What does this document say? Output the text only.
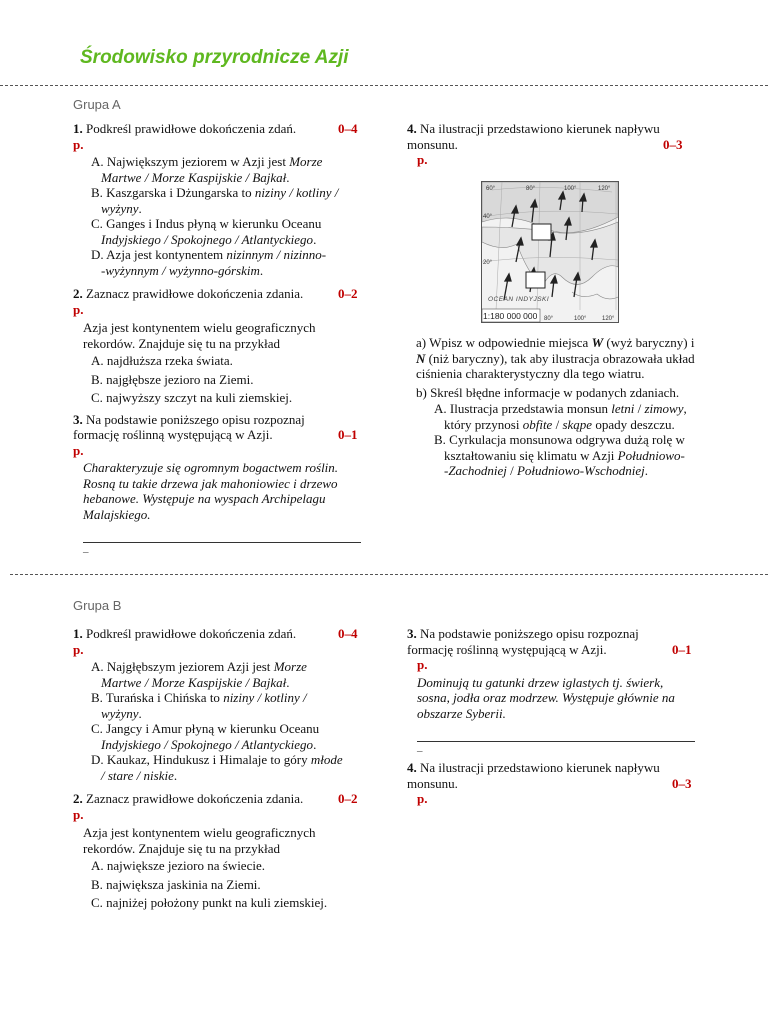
Środowisko przyrodnicze Azji
Grupa A
1. Podkreśl prawidłowe dokończenia zdań.	0–4
p.
A. Największym jeziorem w Azji jest Morze
Martwe / Morze Kaspijskie / Bajkał.
B. Kaszgarska i Dżungarska to niziny / kotliny /
wyżyny.
C. Ganges i Indus płyną w kierunku Oceanu
Indyjskiego / Spokojnego / Atlantyckiego.
D. Azja jest kontynentem nizinnym / nizinno-
-wyżynnym / wyżynno-górskim.
2. Zaznacz prawidłowe dokończenia zdania.	0–2
p.
Azja jest kontynentem wielu geograficznych rekordów. Znajduje się tu na przykład
A. najdłuższa rzeka świata.
B. najgłębsze jezioro na Ziemi.
C. najwyższy szczyt na kuli ziemskiej.
3. Na podstawie poniższego opisu rozpoznaj formację roślinną występującą w Azji.	0–1
p.
Charakteryzuje się ogromnym bogactwem roślin. Rosną tu takie drzewa jak mahoniowiec i drzewo hebanowe. Występuje na wyspach Archipelagu Malajskiego.
–
4. Na ilustracji przedstawiono kierunek napływu monsunu.	0–3
p.
1:180 000 000
OCEAN INDYJSKI
60°	80°	100°	120°
40°
20°
80°	100°	120°
a) Wpisz w odpowiednie miejsca W (wyż baryczny) i N (niż baryczny), tak aby ilustracja obrazowała układ ciśnienia charakterystyczny dla tego wiatru.
b) Skreśl błędne informacje w podanych zdaniach.
A. Ilustracja przedstawia monsun letni / zimowy, który przynosi obfite / skąpe opady deszczu.
B. Cyrkulacja monsunowa odgrywa dużą rolę w kształtowaniu się klimatu w Azji Południowo-
-Zachodniej / Południowo-Wschodniej.
Grupa B
1. Podkreśl prawidłowe dokończenia zdań.	0–4
p.
A. Najgłębszym jeziorem Azji jest Morze
Martwe / Morze Kaspijskie / Bajkał.
B. Turańska i Chińska to niziny / kotliny /
wyżyny.
C. Jangcy i Amur płyną w kierunku Oceanu
Indyjskiego / Spokojnego / Atlantyckiego.
D. Kaukaz, Hindukusz i Himalaje to góry młode
/ stare / niskie.
2. Zaznacz prawidłowe dokończenia zdania.	0–2
p.
Azja jest kontynentem wielu geograficznych rekordów. Znajduje się tu na przykład
A. największe jezioro na świecie.
B. największa jaskinia na Ziemi.
C. najniżej położony punkt na kuli ziemskiej.
3. Na podstawie poniższego opisu rozpoznaj formację roślinną występującą w Azji.	0–1
p.
Dominują tu gatunki drzew iglastych tj. świerk, sosna, jodła oraz modrzew. Występuje głównie na obszarze Syberii.
–
4. Na ilustracji przedstawiono kierunek napływu monsunu.	0–3
p.
